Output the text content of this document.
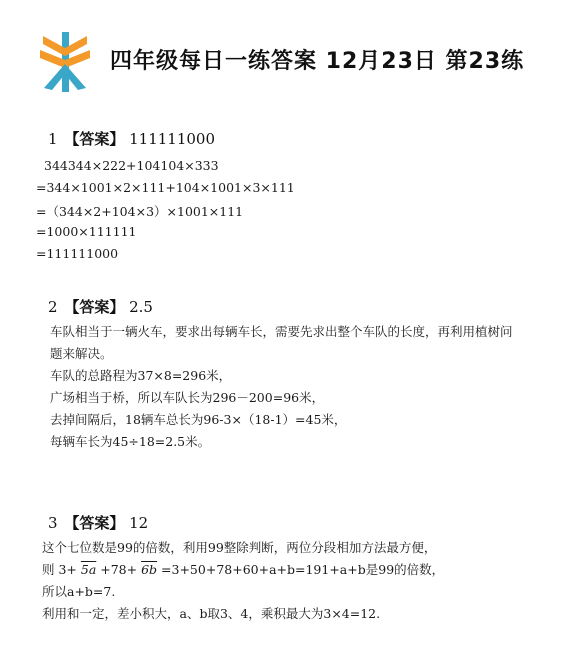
四年级每日一练答案 12月23日 第23练
1 【答案】 111111000
344344×222+104104×333
=344×1001×2×111+104×1001×3×111
=（344×2+104×3）×1001×111
=1000×111111
=111111000
2 【答案】 2.5
车队相当于一辆火车，要求出每辆车长，需要先求出整个车队的长度，再利用植树问
题来解决。
车队的总路程为37×8=296米，
广场相当于桥，所以车队长为296－200=96米，
去掉间隔后，18辆车总长为96-3×（18-1）=45米，
每辆车长为45÷18=2.5米。
3 【答案】 12
这个七位数是99的倍数，利用99整除判断，两位分段相加方法最方便，
则 3+ 5a +78+ 6b =3+50+78+60+a+b=191+a+b是99的倍数，
所以a+b=7.
利用和一定，差小积大，a、b取3、4，乘积最大为3×4=12.
